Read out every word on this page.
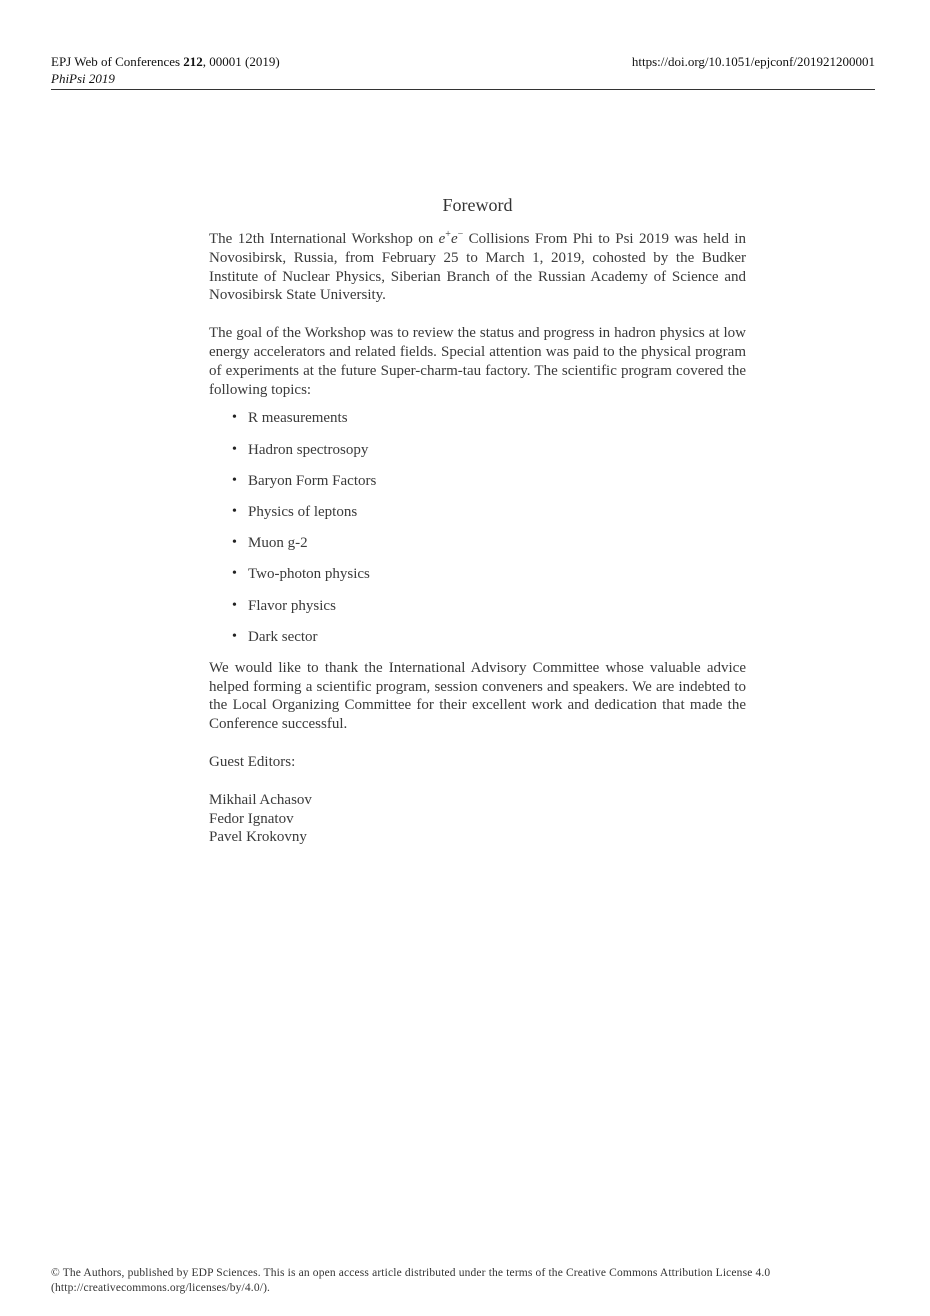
EPJ Web of Conferences 212, 00001 (2019)
PhiPsi 2019
https://doi.org/10.1051/epjconf/201921200001
Foreword

The 12th International Workshop on e+e− Collisions From Phi to Psi 2019 was held in Novosibirsk, Russia, from February 25 to March 1, 2019, cohosted by the Budker Institute of Nuclear Physics, Siberian Branch of the Russian Academy of Science and Novosibirsk State University.

The goal of the Workshop was to review the status and progress in hadron physics at low energy accelerators and related fields. Special attention was paid to the physical program of experiments at the future Super-charm-tau factory. The scientific program covered the following topics:

• R measurements
• Hadron spectrosopy
• Baryon Form Factors
• Physics of leptons
• Muon g-2
• Two-photon physics
• Flavor physics
• Dark sector

We would like to thank the International Advisory Committee whose valuable advice helped forming a scientific program, session conveners and speakers. We are indebted to the Local Organizing Committee for their excellent work and dedication that made the Conference successful.

Guest Editors:

Mikhail Achasov
Fedor Ignatov
Pavel Krokovny
© The Authors, published by EDP Sciences. This is an open access article distributed under the terms of the Creative Commons Attribution License 4.0
(http://creativecommons.org/licenses/by/4.0/).
